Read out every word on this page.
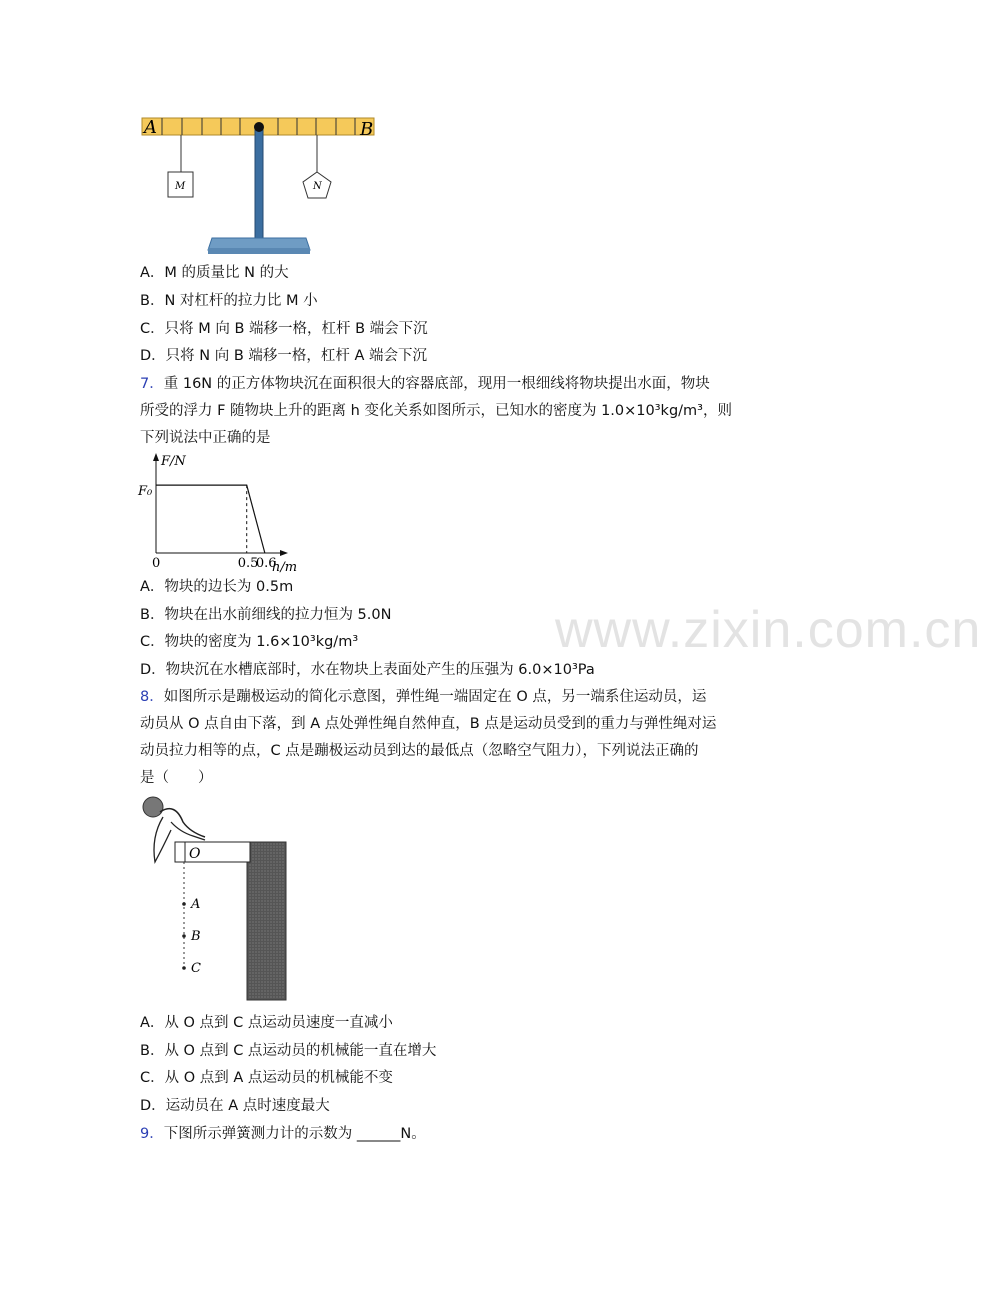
www.zixin.com.cn
A	B
M	N
A．M 的质量比 N 的大
B．N 对杠杆的拉力比 M 小
C．只将 M 向 B 端移一格，杠杆 B 端会下沉
D．只将 N 向 B 端移一格，杠杆 A 端会下沉
7．重 16N 的正方体物块沉在面积很大的容器底部，现用一根细线将物块提出水面，物块
所受的浮力 F 随物块上升的距离 h 变化关系如图所示，已知水的密度为 1.0×10³kg/m³，则
下列说法中正确的是
F/N
h/m
0
F₀
0.5
0.6
A．物块的边长为 0.5m
B．物块在出水前细线的拉力恒为 5.0N
C．物块的密度为 1.6×10³kg/m³
D．物块沉在水槽底部时，水在物块上表面处产生的压强为 6.0×10³Pa
8．如图所示是蹦极运动的简化示意图，弹性绳一端固定在 O 点，另一端系住运动员，运
动员从 O 点自由下落，到 A 点处弹性绳自然伸直，B 点是运动员受到的重力与弹性绳对运
动员拉力相等的点，C 点是蹦极运动员到达的最低点（忽略空气阻力），下列说法正确的
是（　　）
O
A
B
C
A．从 O 点到 C 点运动员速度一直减小
B．从 O 点到 C 点运动员的机械能一直在增大
C．从 O 点到 A 点运动员的机械能不变
D．运动员在 A 点时速度最大
9．下图所示弹簧测力计的示数为 ______N。
